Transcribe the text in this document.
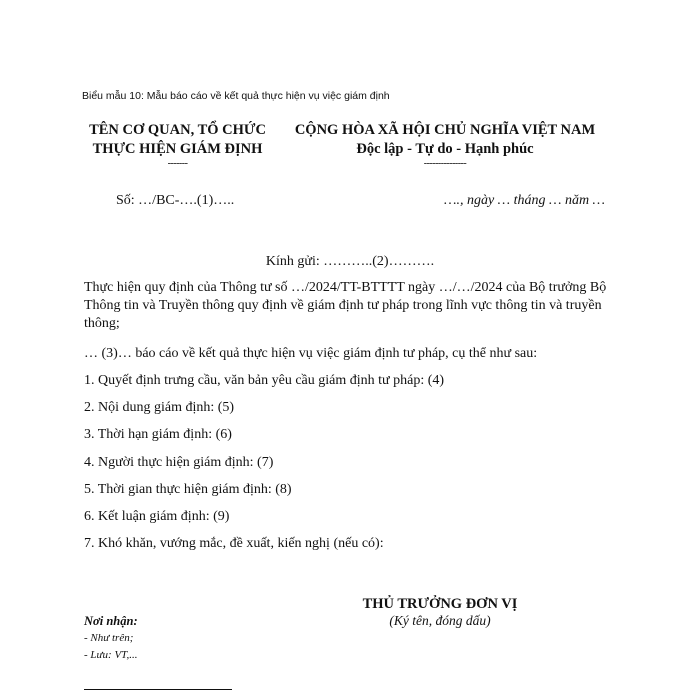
Biểu mẫu 10: Mẫu báo cáo về kết quả thực hiện vụ việc giám định
TÊN CƠ QUAN, TỔ CHỨC
THỰC HIỆN GIÁM ĐỊNH
-------
CỘNG HÒA XÃ HỘI CHỦ NGHĨA VIỆT NAM
Độc lập - Tự do - Hạnh phúc
---------------
Số: …/BC-….(1)…..	…., ngày … tháng … năm …
Kính gửi: ………..(2)……….
Thực hiện quy định của Thông tư số …/2024/TT-BTTTT ngày …/…/2024 của Bộ trưởng Bộ Thông tin và Truyền thông quy định về giám định tư pháp trong lĩnh vực thông tin và truyền thông;
… (3)… báo cáo về kết quả thực hiện vụ việc giám định tư pháp, cụ thể như sau:
1. Quyết định trưng cầu, văn bản yêu cầu giám định tư pháp: (4)
2. Nội dung giám định: (5)
3. Thời hạn giám định: (6)
4. Người thực hiện giám định: (7)
5. Thời gian thực hiện giám định: (8)
6. Kết luận giám định: (9)
7. Khó khăn, vướng mắc, đề xuất, kiến nghị (nếu có):
THỦ TRƯỞNG ĐƠN VỊ
(Ký tên, đóng dấu)
Nơi nhận:
- Như trên;
- Lưu: VT,...
